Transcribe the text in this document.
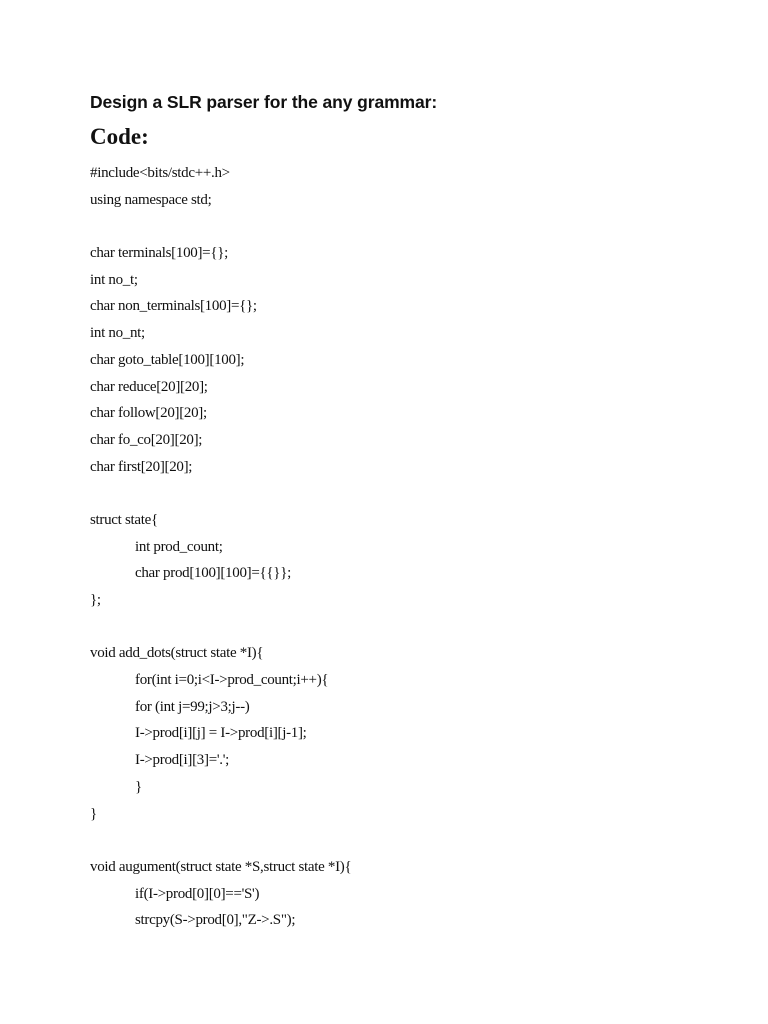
Design a SLR parser for the any grammar:
Code:
#include<bits/stdc++.h>
using namespace std;
char terminals[100]={};
int no_t;
char non_terminals[100]={};
int no_nt;
char goto_table[100][100];
char reduce[20][20];
char follow[20][20];
char fo_co[20][20];
char first[20][20];
struct state{
int prod_count;
char prod[100][100]={{}};
};
void add_dots(struct state *I){
for(int i=0;i<I->prod_count;i++){
for (int j=99;j>3;j--)
I->prod[i][j] = I->prod[i][j-1];
I->prod[i][3]='.';
}
}
void augument(struct state *S,struct state *I){
if(I->prod[0][0]=='S')
strcpy(S->prod[0],"Z->.S");
